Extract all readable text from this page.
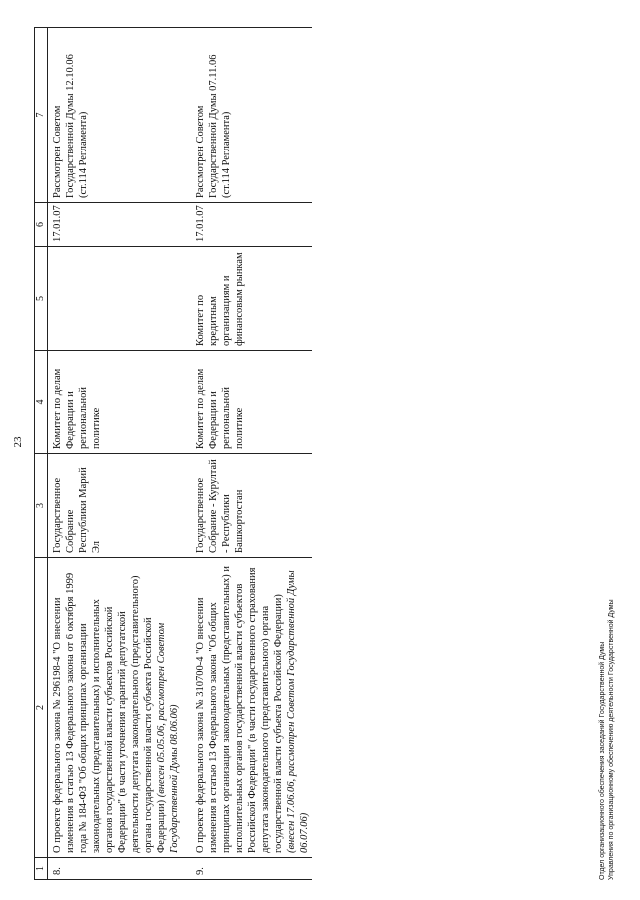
23
1	2	3	4	5	6	7
8.	О проекте федерального закона № 296198-4 "О внесении изменения в статью 13 Федерального закона от 6 октября 1999 года № 184-ФЗ "Об общих принципах организации законодательных (представительных) и исполнительных органов государственной власти субъектов Российской Федерации" (в части уточнения гарантий депутатской деятельности депутата законодательного (представительного) органа государственной власти субъекта Российской Федерации) (внесен 05.05.06, рассмотрен Советом Государственной Думы 08.06.06)	Государственное Собрание Республики Марий Эл	Комитет по делам Федерации и региональной политике		17.01.07	Рассмотрен Советом Государственной Думы 12.10.06 (ст.114 Регламента)
9.	О проекте федерального закона № 310700-4 "О внесении изменения в статью 13 Федерального закона "Об общих принципах организации законодательных (представительных) и исполнительных органов государственной власти субъектов Российской Федерации" (в части государственного страхования депутата законодательного (представительного) органа государственной власти субъекта Российской Федерации) (внесен 17.06.06, рассмотрен Советом Государственной Думы 06.07.06)	Государственное Собрание - Курултай - Республики Башкортостан	Комитет по делам Федерации и региональной политике	Комитет по кредитным организациям и финансовым рынкам	17.01.07	Рассмотрен Советом Государственной Думы 07.11.06 (ст.114 Регламента)
Отдел организационного обеспечения заседаний Государственной Думы Управления по организационному обеспечению деятельности Государственной Думы
